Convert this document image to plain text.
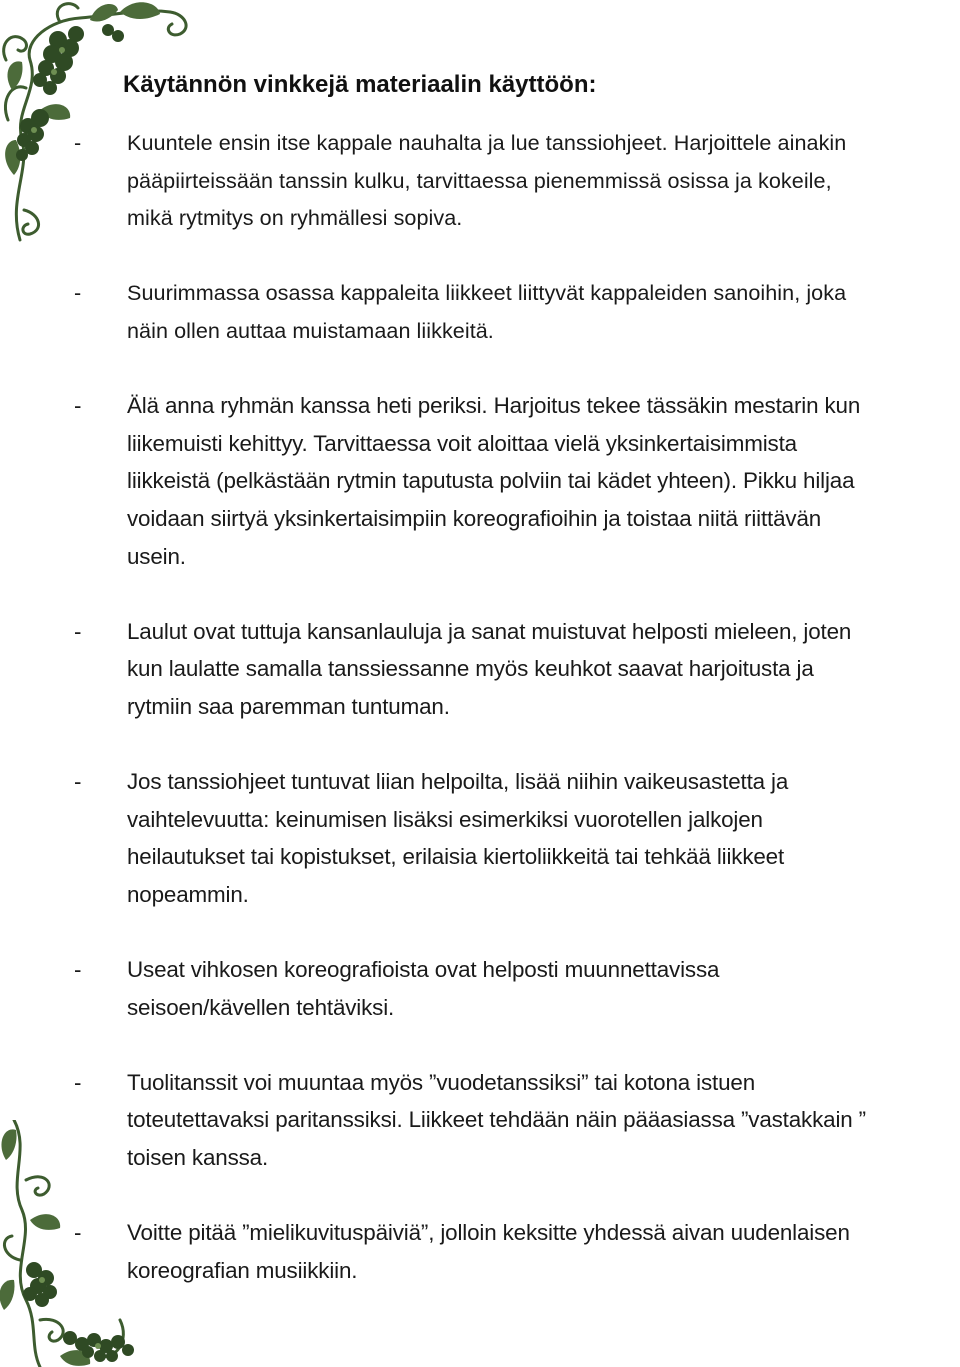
Käytännön vinkkejä materiaalin käyttöön:
- Kuuntele ensin itse kappale nauhalta ja lue tanssiohjeet. Harjoittele ainakin
pääpiirteissään tanssin kulku, tarvittaessa pienemmissä osissa ja kokeile,
mikä rytmitys on ryhmällesi sopiva.
- Suurimmassa osassa kappaleita liikkeet liittyvät kappaleiden sanoihin, joka
näin ollen auttaa muistamaan liikkeitä.
- Älä anna ryhmän kanssa heti periksi. Harjoitus tekee tässäkin mestarin kun
liikemuisti kehittyy. Tarvittaessa voit aloittaa vielä yksinkertaisimmista
liikkeistä (pelkästään rytmin taputusta polviin tai kädet yhteen). Pikku hiljaa
voidaan siirtyä yksinkertaisimpiin koreografioihin ja toistaa niitä riittävän
usein.
- Laulut ovat tuttuja kansanlauluja ja sanat muistuvat helposti mieleen, joten
kun laulatte samalla tanssiessanne myös keuhkot saavat harjoitusta ja
rytmiin saa paremman tuntuman.
- Jos tanssiohjeet tuntuvat liian helpoilta, lisää niihin vaikeusastetta ja
vaihtelevuutta: keinumisen lisäksi esimerkiksi vuorotellen jalkojen
heilautukset tai kopistukset, erilaisia kiertoliikkeitä tai tehkää liikkeet
nopeammin.
- Useat vihkosen koreografioista ovat helposti muunnettavissa
seisoen/kävellen tehtäviksi.
- Tuolitanssit voi muuntaa myös ”vuodetanssiksi” tai kotona istuen
toteutettavaksi paritanssiksi. Liikkeet tehdään näin pääasiassa ”vastakkain ”
toisen kanssa.
- Voitte pitää ”mielikuvituspäiviä”, jolloin keksitte yhdessä aivan uudenlaisen
koreografian musiikkiin.
